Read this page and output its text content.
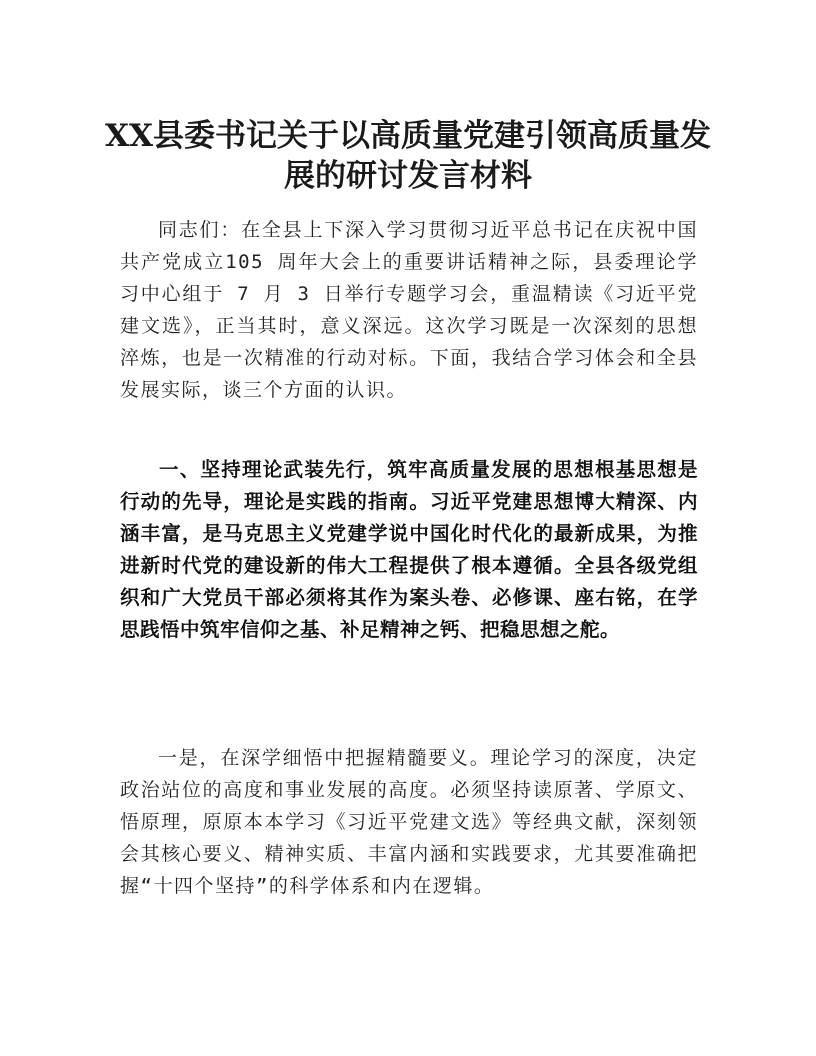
XX县委书记关于以高质量党建引领高质量发展的研讨发言材料

同志们：在全县上下深入学习贯彻习近平总书记在庆祝中国共产党成立105 周年大会上的重要讲话精神之际，县委理论学习中心组于 7 月 3 日举行专题学习会，重温精读《习近平党建文选》，正当其时，意义深远。这次学习既是一次深刻的思想淬炼，也是一次精准的行动对标。下面，我结合学习体会和全县发展实际，谈三个方面的认识。

一、坚持理论武装先行，筑牢高质量发展的思想根基思想是行动的先导，理论是实践的指南。习近平党建思想博大精深、内涵丰富，是马克思主义党建学说中国化时代化的最新成果，为推进新时代党的建设新的伟大工程提供了根本遵循。全县各级党组织和广大党员干部必须将其作为案头卷、必修课、座右铭，在学思践悟中筑牢信仰之基、补足精神之钙、把稳思想之舵。

一是，在深学细悟中把握精髓要义。理论学习的深度，决定政治站位的高度和事业发展的高度。必须坚持读原著、学原文、悟原理，原原本本学习《习近平党建文选》等经典文献，深刻领会其核心要义、精神实质、丰富内涵和实践要求，尤其要准确把握“十四个坚持”的科学体系和内在逻辑。
